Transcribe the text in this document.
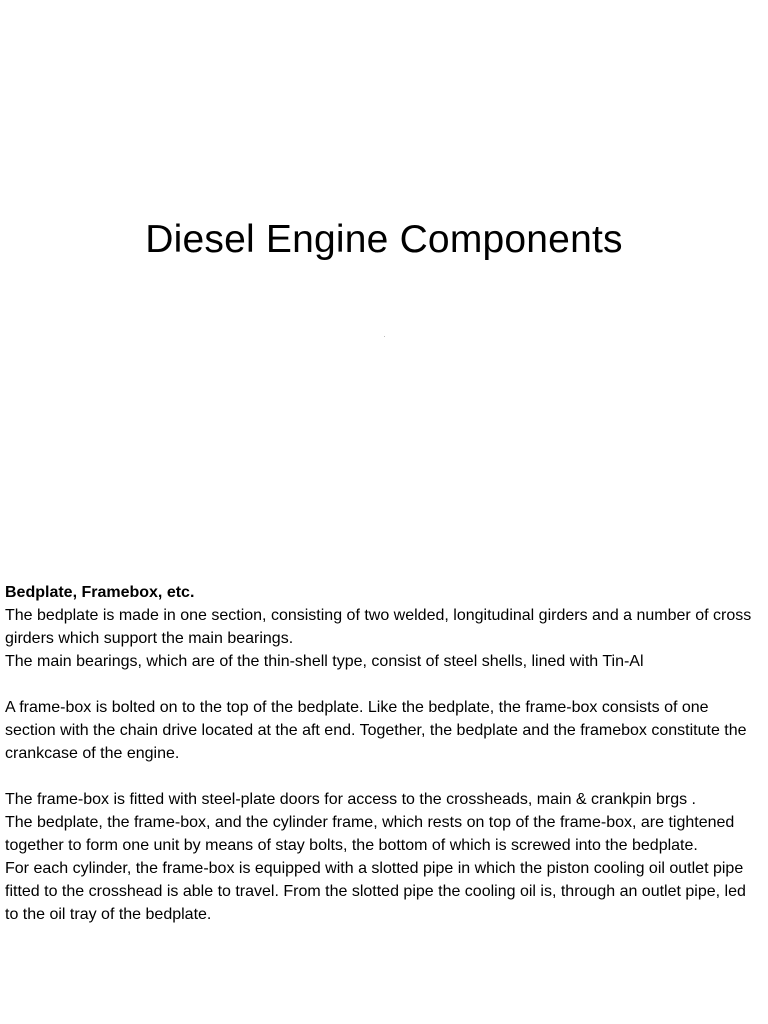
Diesel Engine Components

Bedplate, Framebox, etc.

The bedplate is made in one section, consisting of two welded, longitudinal girders and a number of cross girders which support the main bearings.

The main bearings, which are of the thin-shell type, consist of steel shells, lined with Tin-Al

A frame-box is bolted on to the top of the bedplate. Like the bedplate, the frame-box consists of one section with the chain drive located at the aft end. Together, the bedplate and the framebox constitute the crankcase of the engine.

The frame-box is fitted with steel-plate doors for access to the crossheads, main & crankpin brgs .

The bedplate, the frame-box, and the cylinder frame, which rests on top of the frame-box, are tightened together to form one unit by means of stay bolts, the bottom of which is screwed into the bedplate.

For each cylinder, the frame-box is equipped with a slotted pipe in which the piston cooling oil outlet pipe fitted to the crosshead is able to travel. From the slotted pipe the cooling oil is, through an outlet pipe, led to the oil tray of the bedplate.
